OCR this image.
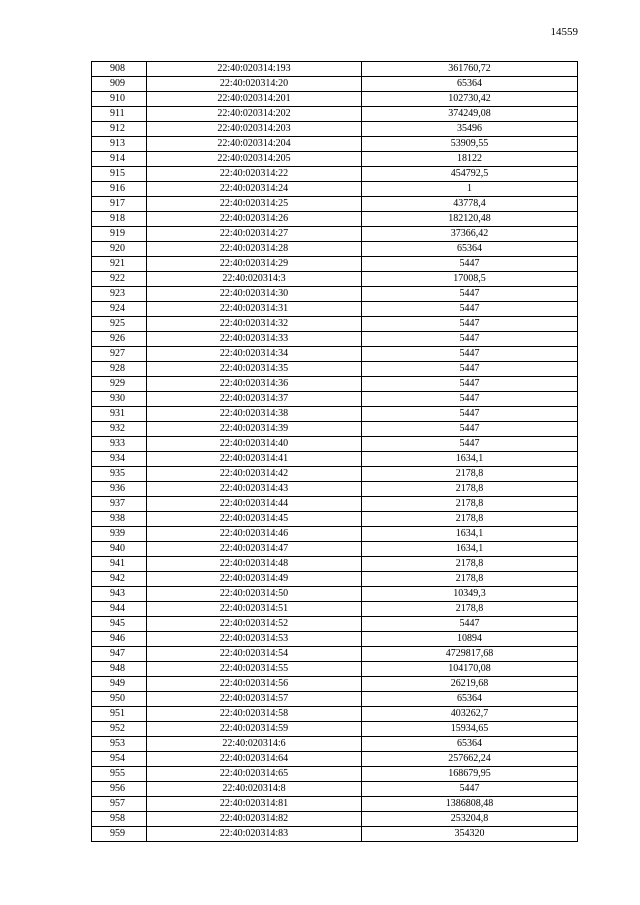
14559
908	22:40:020314:193	361760,72
909	22:40:020314:20	65364
910	22:40:020314:201	102730,42
911	22:40:020314:202	374249,08
912	22:40:020314:203	35496
913	22:40:020314:204	53909,55
914	22:40:020314:205	18122
915	22:40:020314:22	454792,5
916	22:40:020314:24	1
917	22:40:020314:25	43778,4
918	22:40:020314:26	182120,48
919	22:40:020314:27	37366,42
920	22:40:020314:28	65364
921	22:40:020314:29	5447
922	22:40:020314:3	17008,5
923	22:40:020314:30	5447
924	22:40:020314:31	5447
925	22:40:020314:32	5447
926	22:40:020314:33	5447
927	22:40:020314:34	5447
928	22:40:020314:35	5447
929	22:40:020314:36	5447
930	22:40:020314:37	5447
931	22:40:020314:38	5447
932	22:40:020314:39	5447
933	22:40:020314:40	5447
934	22:40:020314:41	1634,1
935	22:40:020314:42	2178,8
936	22:40:020314:43	2178,8
937	22:40:020314:44	2178,8
938	22:40:020314:45	2178,8
939	22:40:020314:46	1634,1
940	22:40:020314:47	1634,1
941	22:40:020314:48	2178,8
942	22:40:020314:49	2178,8
943	22:40:020314:50	10349,3
944	22:40:020314:51	2178,8
945	22:40:020314:52	5447
946	22:40:020314:53	10894
947	22:40:020314:54	4729817,68
948	22:40:020314:55	104170,08
949	22:40:020314:56	26219,68
950	22:40:020314:57	65364
951	22:40:020314:58	403262,7
952	22:40:020314:59	15934,65
953	22:40:020314:6	65364
954	22:40:020314:64	257662,24
955	22:40:020314:65	168679,95
956	22:40:020314:8	5447
957	22:40:020314:81	1386808,48
958	22:40:020314:82	253204,8
959	22:40:020314:83	354320
